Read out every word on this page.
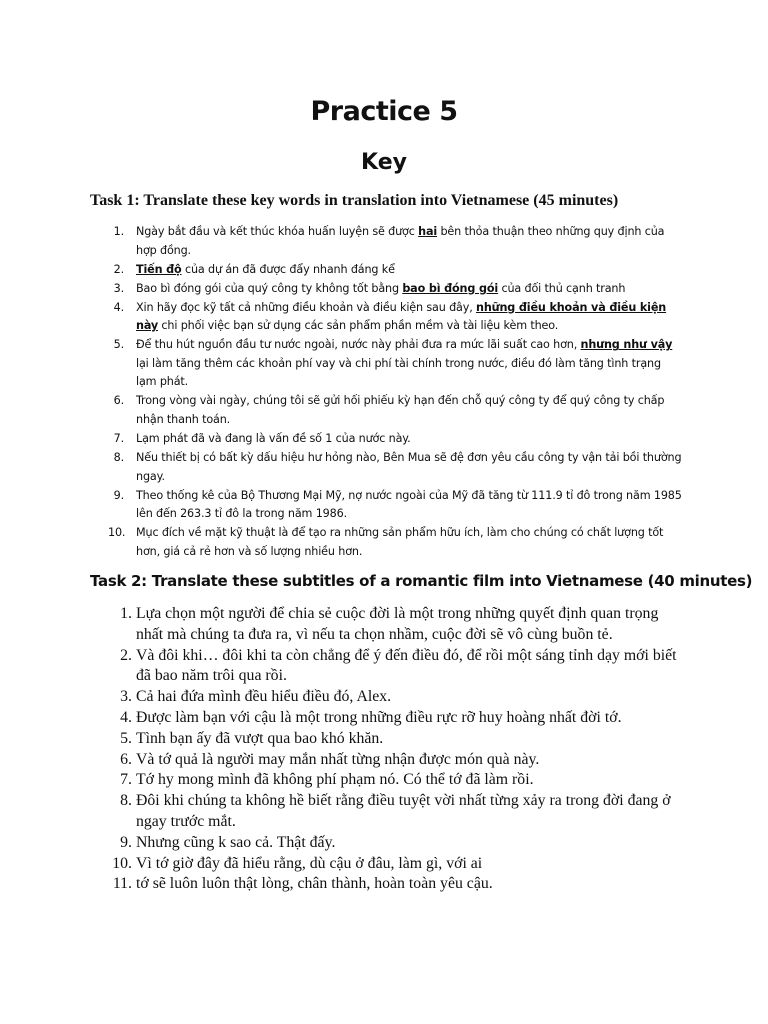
Practice 5
Key
Task 1: Translate these key words in translation into Vietnamese (45 minutes)
1. Ngày bắt đầu và kết thúc khóa huấn luyện sẽ được hai bên thỏa thuận theo những quy định của hợp đồng.
2. Tiến độ của dự án đã được đẩy nhanh đáng kể
3. Bao bì đóng gói của quý công ty không tốt bằng bao bì đóng gói của đối thủ cạnh tranh
4. Xin hãy đọc kỹ tất cả những điều khoản và điều kiện sau đây, những điều khoản và điều kiện này chi phối việc bạn sử dụng các sản phẩm phần mềm và tài liệu kèm theo.
5. Để thu hút nguồn đầu tư nước ngoài, nước này phải đưa ra mức lãi suất cao hơn, nhưng như vậy lại làm tăng thêm các khoản phí vay và chi phí tài chính trong nước, điều đó làm tăng tình trạng lạm phát.
6. Trong vòng vài ngày, chúng tôi sẽ gửi hối phiếu kỳ hạn đến chỗ quý công ty để quý công ty chấp nhận thanh toán.
7. Lạm phát đã và đang là vấn đề số 1 của nước này.
8. Nếu thiết bị có bất kỳ dấu hiệu hư hỏng nào, Bên Mua sẽ đệ đơn yêu cầu công ty vận tải bồi thường ngay.
9. Theo thống kê của Bộ Thương Mại Mỹ, nợ nước ngoài của Mỹ đã tăng từ 111.9 tỉ đô trong năm 1985 lên đến 263.3 tỉ đô la trong năm 1986.
10. Mục đích về mặt kỹ thuật là để tạo ra những sản phẩm hữu ích, làm cho chúng có chất lượng tốt hơn, giá cả rẻ hơn và số lượng nhiều hơn.
Task 2: Translate these subtitles of a romantic film into Vietnamese (40 minutes)
1. Lựa chọn một người để chia sẻ cuộc đời là một trong những quyết định quan trọng nhất mà chúng ta đưa ra, vì nếu ta chọn nhầm, cuộc đời sẽ vô cùng buồn tẻ.
2. Và đôi khi… đôi khi ta còn chẳng để ý đến điều đó, để rồi một sáng tỉnh dạy mới biết đã bao năm trôi qua rồi.
3. Cả hai đứa mình đều hiểu điều đó, Alex.
4. Được làm bạn với cậu là một trong những điều rực rỡ huy hoàng nhất đời tớ.
5. Tình bạn ấy đã vượt qua bao khó khăn.
6. Và tớ quả là người may mắn nhất từng nhận được món quà này.
7. Tớ hy mong mình đã không phí phạm nó. Có thể tớ đã làm rồi.
8. Đôi khi chúng ta không hề biết rằng điều tuyệt vời nhất từng xảy ra trong đời đang ở ngay trước mắt.
9. Nhưng cũng k sao cả. Thật đấy.
10. Vì tớ giờ đây đã hiểu rằng, dù cậu ở đâu, làm gì, với ai
11. tớ sẽ luôn luôn thật lòng, chân thành, hoàn toàn yêu cậu.
